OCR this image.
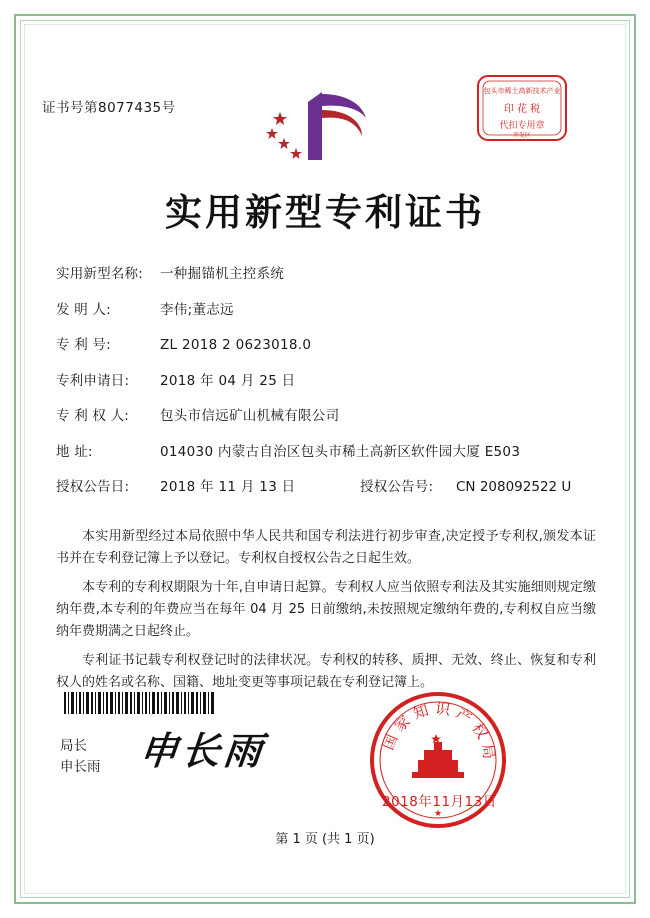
证书号第8077435号
包头市稀土高新技术产业
印 花 税
代扣专用章
开发区
实用新型专利证书
实用新型名称:	一种掘锚机主控系统
发 明 人:	李伟;董志远
专 利 号:	ZL 2018 2 0623018.0
专利申请日:	2018 年 04 月 25 日
专 利 权 人:	包头市信远矿山机械有限公司
地 址:	014030 内蒙古自治区包头市稀土高新区软件园大厦 E503
授权公告日:	2018 年 11 月 13 日	授权公告号:	CN 208092522 U
本实用新型经过本局依照中华人民共和国专利法进行初步审查,决定授予专利权,颁发本证书并在专利登记簿上予以登记。专利权自授权公告之日起生效。
本专利的专利权期限为十年,自申请日起算。专利权人应当依照专利法及其实施细则规定缴纳年费,本专利的年费应当在每年 04 月 25 日前缴纳,未按照规定缴纳年费的,专利权自应当缴纳年费期满之日起终止。
专利证书记载专利权登记时的法律状况。专利权的转移、质押、无效、终止、恢复和专利权人的姓名或名称、国籍、地址变更等事项记载在专利登记簿上。
局长
申长雨 申长雨	国家知识产权局
★
2018年11月13日
第 1 页 (共 1 页)
